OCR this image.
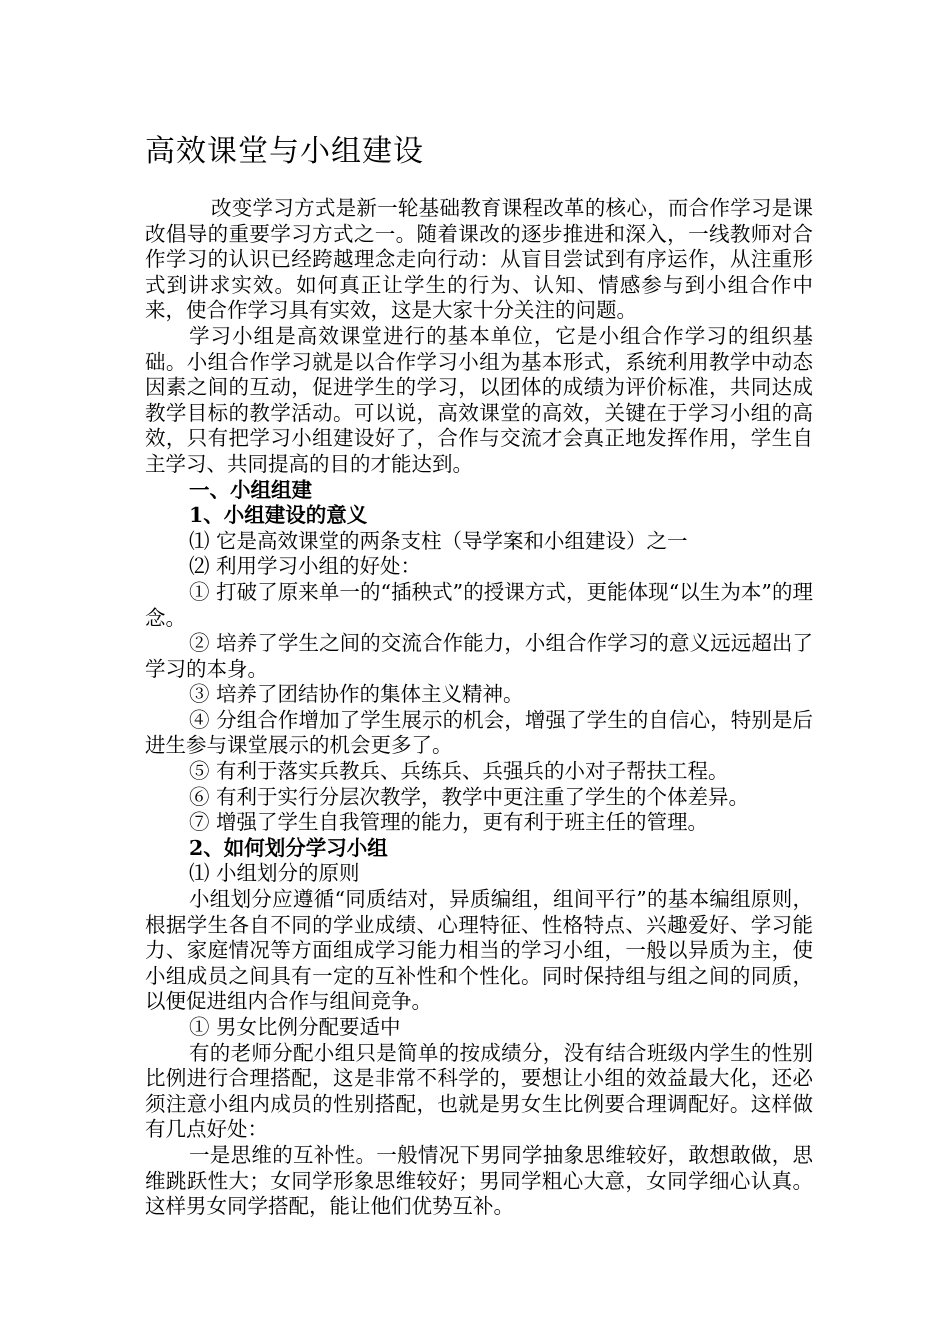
高效课堂与小组建设

改变学习方式是新一轮基础教育课程改革的核心，而合作学习是课改倡导的重要学习方式之一。随着课改的逐步推进和深入，一线教师对合作学习的认识已经跨越理念走向行动：从盲目尝试到有序运作，从注重形式到讲求实效。如何真正让学生的行为、认知、情感参与到小组合作中来，使合作学习具有实效，这是大家十分关注的问题。

学习小组是高效课堂进行的基本单位，它是小组合作学习的组织基础。小组合作学习就是以合作学习小组为基本形式，系统利用教学中动态因素之间的互动，促进学生的学习，以团体的成绩为评价标准，共同达成教学目标的教学活动。可以说，高效课堂的高效，关键在于学习小组的高效，只有把学习小组建设好了，合作与交流才会真正地发挥作用，学生自主学习、共同提高的目的才能达到。

一、小组组建

1、小组建设的意义

⑴ 它是高效课堂的两条支柱（导学案和小组建设）之一

⑵ 利用学习小组的好处：

① 打破了原来单一的“插秧式”的授课方式，更能体现“以生为本”的理念。

② 培养了学生之间的交流合作能力，小组合作学习的意义远远超出了学习的本身。

③ 培养了团结协作的集体主义精神。

④ 分组合作增加了学生展示的机会，增强了学生的自信心，特别是后进生参与课堂展示的机会更多了。

⑤ 有利于落实兵教兵、兵练兵、兵强兵的小对子帮扶工程。

⑥ 有利于实行分层次教学，教学中更注重了学生的个体差异。

⑦ 增强了学生自我管理的能力，更有利于班主任的管理。

2、如何划分学习小组

⑴ 小组划分的原则

小组划分应遵循“同质结对，异质编组，组间平行”的基本编组原则，根据学生各自不同的学业成绩、心理特征、性格特点、兴趣爱好、学习能力、家庭情况等方面组成学习能力相当的学习小组，一般以异质为主，使小组成员之间具有一定的互补性和个性化。同时保持组与组之间的同质，以便促进组内合作与组间竞争。

① 男女比例分配要适中

有的老师分配小组只是简单的按成绩分，没有结合班级内学生的性别比例进行合理搭配，这是非常不科学的，要想让小组的效益最大化，还必须注意小组内成员的性别搭配，也就是男女生比例要合理调配好。这样做有几点好处：

一是思维的互补性。一般情况下男同学抽象思维较好，敢想敢做，思维跳跃性大；女同学形象思维较好；男同学粗心大意，女同学细心认真。这样男女同学搭配，能让他们优势互补。
